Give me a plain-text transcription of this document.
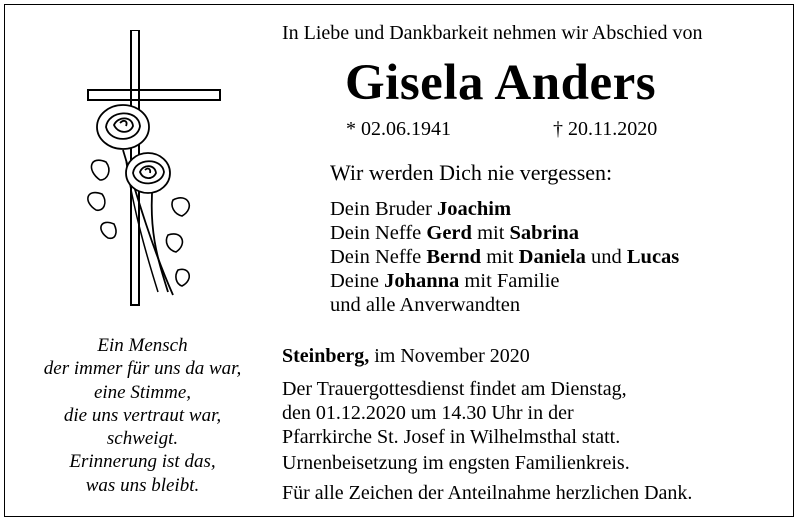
In Liebe und Dankbarkeit nehmen wir Abschied von
Gisela Anders
* 02.06.1941	† 20.11.2020
Wir werden Dich nie vergessen:
Dein Bruder Joachim
Dein Neffe Gerd mit Sabrina
Dein Neffe Bernd mit Daniela und Lucas
Deine Johanna mit Familie
und alle Anverwandten
Steinberg, im November 2020
Der Trauergottesdienst findet am Dienstag,
den 01.12.2020 um 14.30 Uhr in der
Pfarrkirche St. Josef in Wilhelmsthal statt.
Urnenbeisetzung im engsten Familienkreis.
Für alle Zeichen der Anteilnahme herzlichen Dank.
Ein Mensch
der immer für uns da war,
eine Stimme,
die uns vertraut war,
schweigt.
Erinnerung ist das,
was uns bleibt.
